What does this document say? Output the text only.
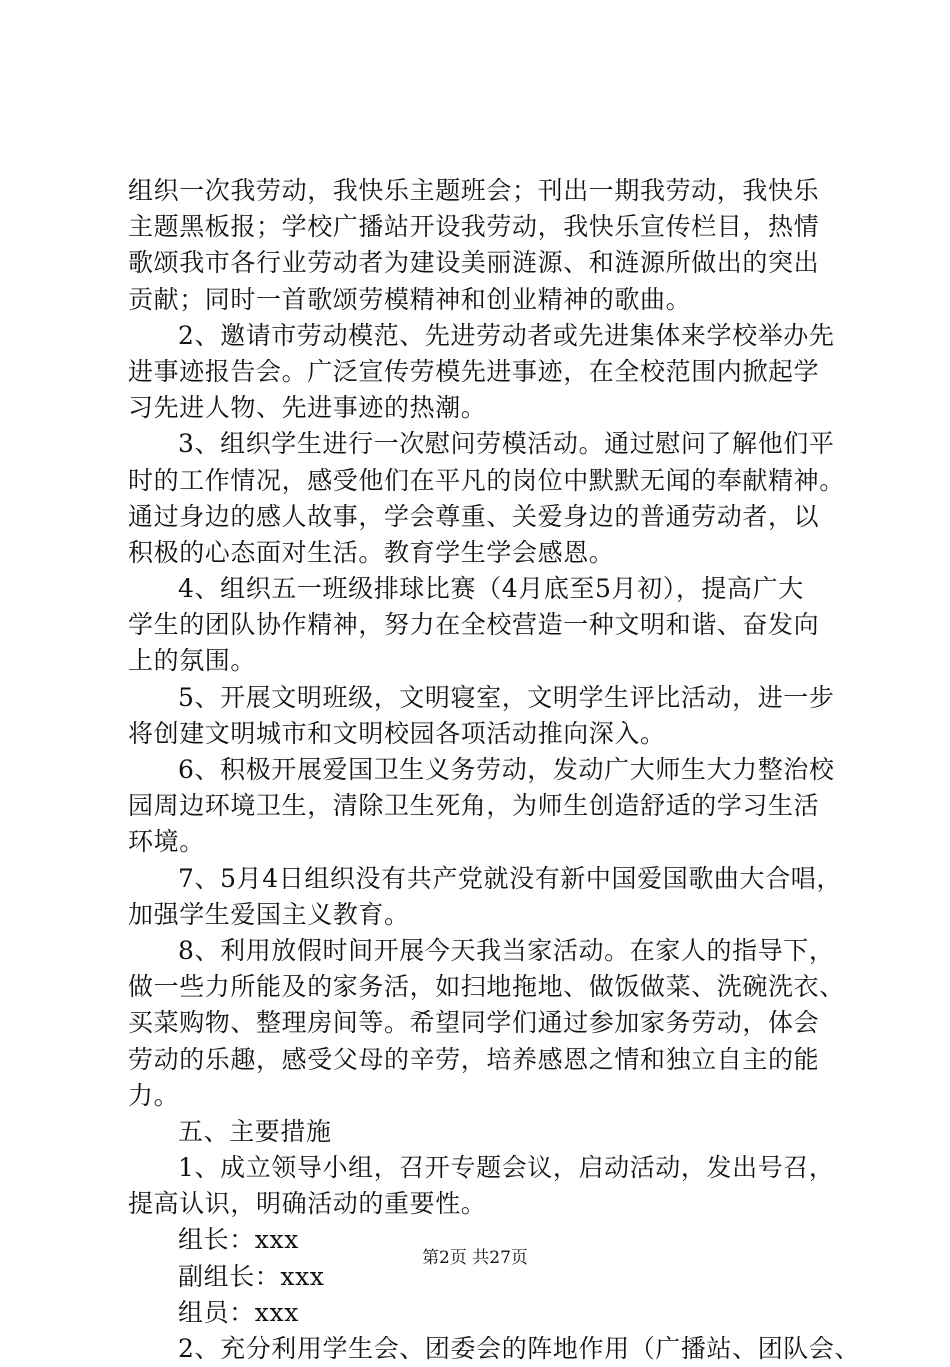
组织一次我劳动，我快乐主题班会；刊出一期我劳动，我快乐
主题黑板报；学校广播站开设我劳动，我快乐宣传栏目，热情
歌颂我市各行业劳动者为建设美丽涟源、和涟源所做出的突出
贡献；同时一首歌颂劳模精神和创业精神的歌曲。
2、邀请市劳动模范、先进劳动者或先进集体来学校举办先
进事迹报告会。广泛宣传劳模先进事迹，在全校范围内掀起学
习先进人物、先进事迹的热潮。
3、组织学生进行一次慰问劳模活动。通过慰问了解他们平
时的工作情况，感受他们在平凡的岗位中默默无闻的奉献精神。
通过身边的感人故事，学会尊重、关爱身边的普通劳动者，以
积极的心态面对生活。教育学生学会感恩。
4、组织五一班级排球比赛（4月底至5月初），提高广大
学生的团队协作精神，努力在全校营造一种文明和谐、奋发向
上的氛围。
5、开展文明班级，文明寝室，文明学生评比活动，进一步
将创建文明城市和文明校园各项活动推向深入。
6、积极开展爱国卫生义务劳动，发动广大师生大力整治校
园周边环境卫生，清除卫生死角，为师生创造舒适的学习生活
环境。
7、5月4日组织没有共产党就没有新中国爱国歌曲大合唱，
加强学生爱国主义教育。
8、利用放假时间开展今天我当家活动。在家人的指导下，
做一些力所能及的家务活，如扫地拖地、做饭做菜、洗碗洗衣、
买菜购物、整理房间等。希望同学们通过参加家务劳动，体会
劳动的乐趣，感受父母的辛劳，培养感恩之情和独立自主的能
力。
五、主要措施
1、成立领导小组，召开专题会议，启动活动，发出号召，
提高认识，明确活动的重要性。
组长：xxx
副组长：xxx
组员：xxx
2、充分利用学生会、团委会的阵地作用（广播站、团队会、
第2页 共27页
